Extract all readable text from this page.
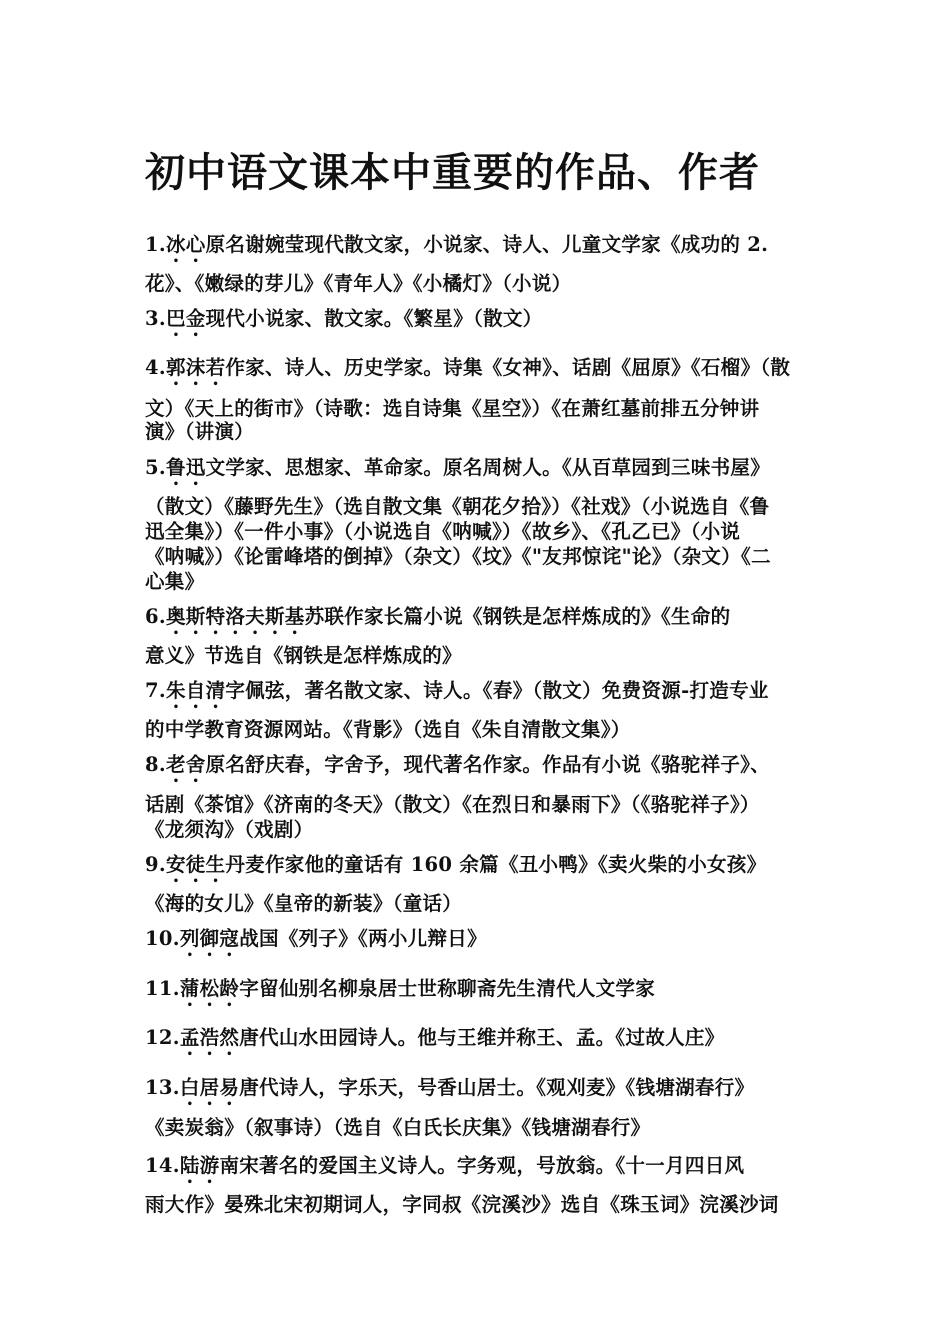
初中语文课本中重要的作品、作者
1.冰心原名谢婉莹现代散文家，小说家、诗人、儿童文学家《成功的 2.
花》、《嫩绿的芽儿》《青年人》《小橘灯》（小说）
3.巴金现代小说家、散文家。《繁星》（散文）
4.郭沫若作家、诗人、历史学家。诗集《女神》、话剧《屈原》《石榴》（散
文）《天上的街市》（诗歌：选自诗集《星空》）《在萧红墓前排五分钟讲
演》（讲演）
5.鲁迅文学家、思想家、革命家。原名周树人。《从百草园到三味书屋》
（散文）《藤野先生》（选自散文集《朝花夕拾》）《社戏》（小说选自《鲁
迅全集》）《一件小事》（小说选自《呐喊》）《故乡》、《孔乙已》（小说
《呐喊》）《论雷峰塔的倒掉》（杂文）《坟》《"友邦惊诧"论》（杂文）《二
心集》
6.奥斯特洛夫斯基苏联作家长篇小说《钢铁是怎样炼成的》《生命的
意义》节选自《钢铁是怎样炼成的》
7.朱自清字佩弦，著名散文家、诗人。《春》（散文）免费资源-打造专业
的中学教育资源网站。《背影》（选自《朱自清散文集》）
8.老舍原名舒庆春，字舍予，现代著名作家。作品有小说《骆驼祥子》、
话剧《茶馆》《济南的冬天》（散文）《在烈日和暴雨下》（《骆驼祥子》）
《龙须沟》（戏剧）
9.安徒生丹麦作家他的童话有 160 余篇《丑小鸭》《卖火柴的小女孩》
《海的女儿》《皇帝的新装》（童话）
10.列御寇战国《列子》《两小儿辩日》
11.蒲松龄字留仙别名柳泉居士世称聊斋先生清代人文学家
12.孟浩然唐代山水田园诗人。他与王维并称王、孟。《过故人庄》
13.白居易唐代诗人，字乐天，号香山居士。《观刈麦》《钱塘湖春行》
《卖炭翁》（叙事诗）（选自《白氏长庆集》《钱塘湖春行》
14.陆游南宋著名的爱国主义诗人。字务观，号放翁。《十一月四日风
雨大作》晏殊北宋初期词人，字同叔《浣溪沙》选自《珠玉词》浣溪沙词
